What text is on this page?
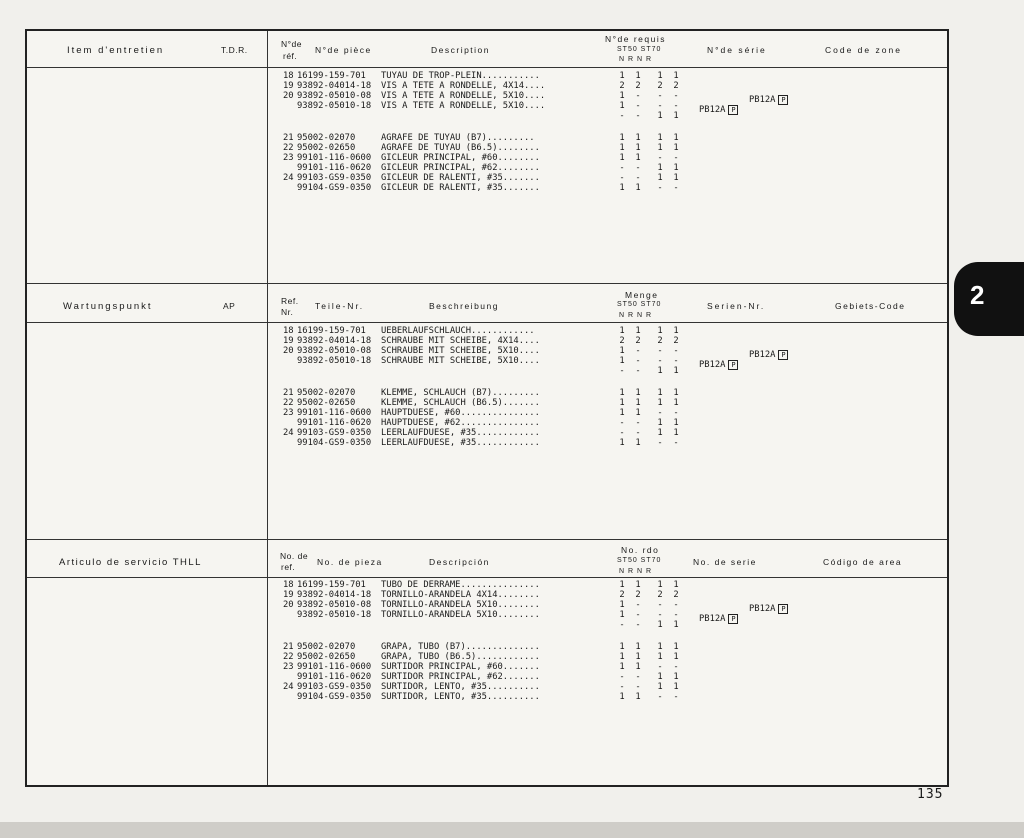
Item d'entretien	T.D.R.
N°de
réf.
N°de pièce	Description
N°de requis
ST50 ST70
N R N R
N°de série	Code de zone
18 16199-159-701 TUYAU DE TROP-PLEIN...........	1 1 1 1
19 93892-04014-18 VIS A TETE A RONDELLE, 4X14....	2 2 2 2
20 93892-05010-08 VIS A TETE A RONDELLE, 5X10....	1 - - -
93892-05010-18 VIS A TETE A RONDELLE, 5X10....	1 - - -
- - 1 1
21 95002-02070	AGRAFE DE TUYAU (B7).........	1 1 1 1
22 95002-02650	AGRAFE DE TUYAU (B6.5)........	1 1 1 1
23 99101-116-0600 GICLEUR PRINCIPAL, #60........	1 1 - -
99101-116-0620 GICLEUR PRINCIPAL, #62........	- - 1 1
24 99103-GS9-0350 GICLEUR DE RALENTI, #35.......	- - 1 1
99104-GS9-0350 GICLEUR DE RALENTI, #35.......	1 1 - -
PB12A P
PB12A P
Wartungspunkt	AP	Ref.
Nr.
Teile-Nr.	Beschreibung
Menge
ST50 ST70
N R N R
Serien-Nr.	Gebiets-Code
18 16199-159-701 UEBERLAUFSCHLAUCH............	1 1 1 1
19 93892-04014-18 SCHRAUBE MIT SCHEIBE, 4X14....	2 2 2 2
20 93892-05010-08 SCHRAUBE MIT SCHEIBE, 5X10....	1 - - -
93892-05010-18 SCHRAUBE MIT SCHEIBE, 5X10....	1 - - -
- - 1 1
21 95002-02070	KLEMME, SCHLAUCH (B7).........	1 1 1 1
22 95002-02650	KLEMME, SCHLAUCH (B6.5).......	1 1 1 1
23 99101-116-0600 HAUPTDUESE, #60...............	1 1 - -
99101-116-0620 HAUPTDUESE, #62...............	- - 1 1
24 99103-GS9-0350 LEERLAUFDUESE, #35............	- - 1 1
99104-GS9-0350 LEERLAUFDUESE, #35............	1 1 - -
PB12A P
PB12A P
Articulo de servicio THLL
No. de
ref.	No. de pieza	Descripción
No. rdo
ST50 ST70
N R N R
No. de serie	Código de area
18 16199-159-701 TUBO DE DERRAME...............	1 1 1 1
19 93892-04014-18 TORNILLO-ARANDELA 4X14........	2 2 2 2
20 93892-05010-08 TORNILLO-ARANDELA 5X10........	1 - - -
93892-05010-18 TORNILLO-ARANDELA 5X10........	1 - - -
- - 1 1
21 95002-02070	GRAPA, TUBO (B7)..............	1 1 1 1
22 95002-02650	GRAPA, TUBO (B6.5)............	1 1 1 1
23 99101-116-0600 SURTIDOR PRINCIPAL, #60.......	1 1 - -
99101-116-0620 SURTIDOR PRINCIPAL, #62.......	- - 1 1
24 99103-GS9-0350 SURTIDOR, LENTO, #35..........	- - 1 1
99104-GS9-0350 SURTIDOR, LENTO, #35..........	1 1 - -
PB12A P
PB12A P
2
135
